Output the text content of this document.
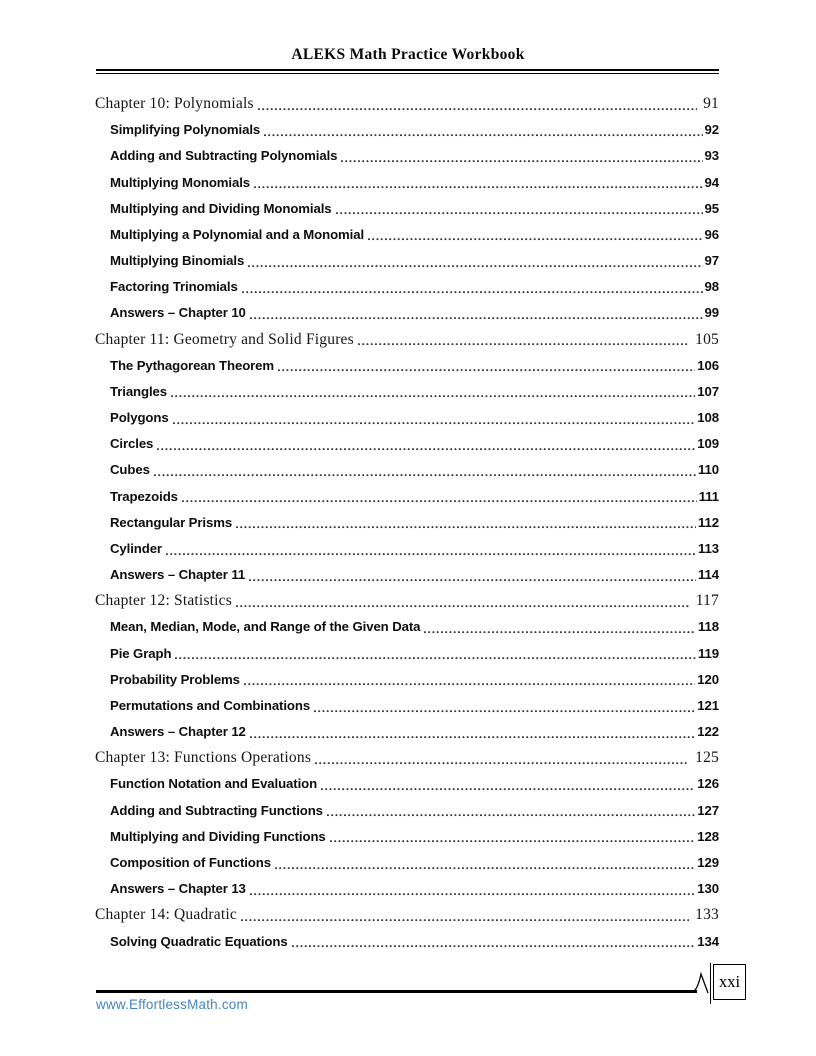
ALEKS Math Practice Workbook
Chapter 10: Polynomials	91
Simplifying Polynomials	92
Adding and Subtracting Polynomials	93
Multiplying Monomials	94
Multiplying and Dividing Monomials	95
Multiplying a Polynomial and a Monomial	96
Multiplying Binomials	97
Factoring Trinomials	98
Answers – Chapter 10	99
Chapter 11: Geometry and Solid Figures	105
The Pythagorean Theorem	106
Triangles	107
Polygons	108
Circles	109
Cubes	110
Trapezoids	111
Rectangular Prisms	112
Cylinder	113
Answers – Chapter 11	114
Chapter 12: Statistics	117
Mean, Median, Mode, and Range of the Given Data	118
Pie Graph	119
Probability Problems	120
Permutations and Combinations	121
Answers – Chapter 12	122
Chapter 13: Functions Operations	125
Function Notation and Evaluation	126
Adding and Subtracting Functions	127
Multiplying and Dividing Functions	128
Composition of Functions	129
Answers – Chapter 13	130
Chapter 14: Quadratic	133
Solving Quadratic Equations	134
xxi
www.EffortlessMath.com
